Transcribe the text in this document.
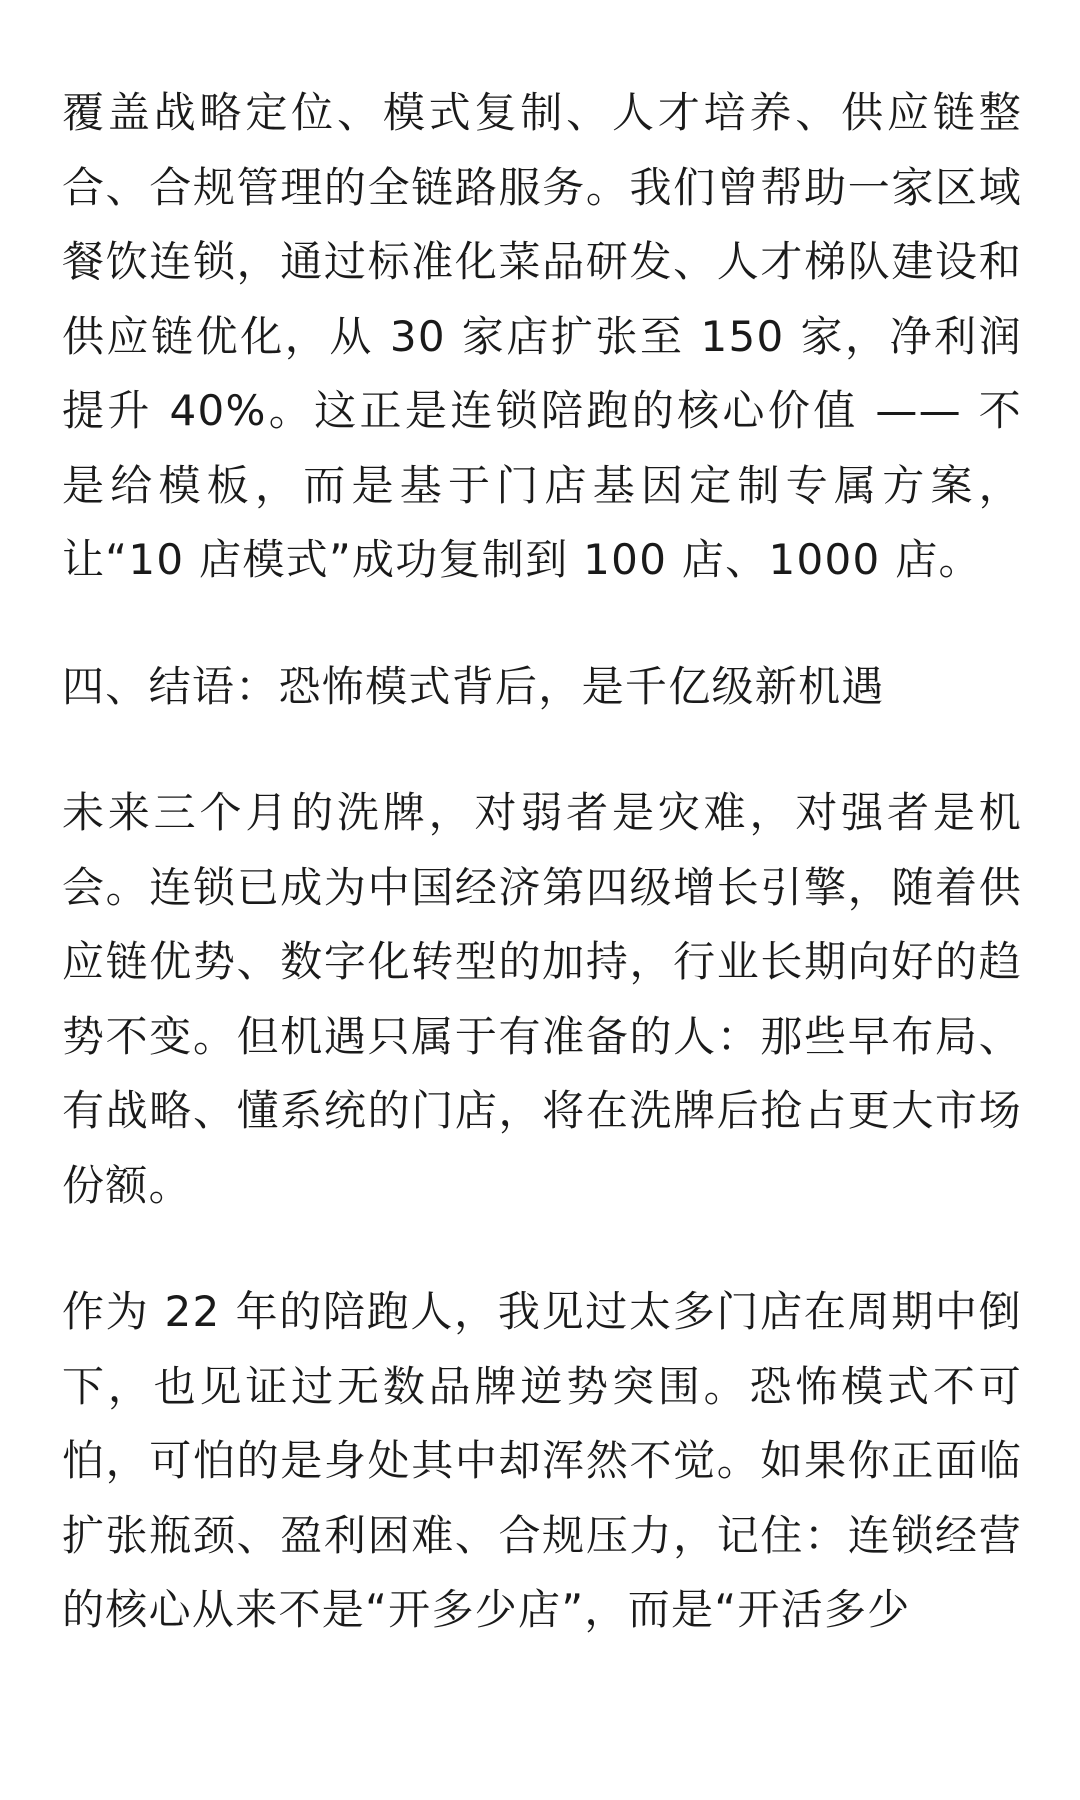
覆盖战略定位、模式复制、人才培养、供应链整合、合规管理的全链路服务。我们曾帮助一家区域餐饮连锁，通过标准化菜品研发、人才梯队建设和供应链优化，从 30 家店扩张至 150 家，净利润提升 40%。这正是连锁陪跑的核心价值 —— 不是给模板，而是基于门店基因定制专属方案，让“10 店模式”成功复制到 100 店、1000 店。

四、结语：恐怖模式背后，是千亿级新机遇

未来三个月的洗牌，对弱者是灾难，对强者是机会。连锁已成为中国经济第四级增长引擎，随着供应链优势、数字化转型的加持，行业长期向好的趋势不变。但机遇只属于有准备的人：那些早布局、有战略、懂系统的门店，将在洗牌后抢占更大市场份额。

作为 22 年的陪跑人，我见过太多门店在周期中倒下，也见证过无数品牌逆势突围。恐怖模式不可怕，可怕的是身处其中却浑然不觉。如果你正面临扩张瓶颈、盈利困难、合规压力，记住：连锁经营的核心从来不是“开多少店”，而是“开活多少
